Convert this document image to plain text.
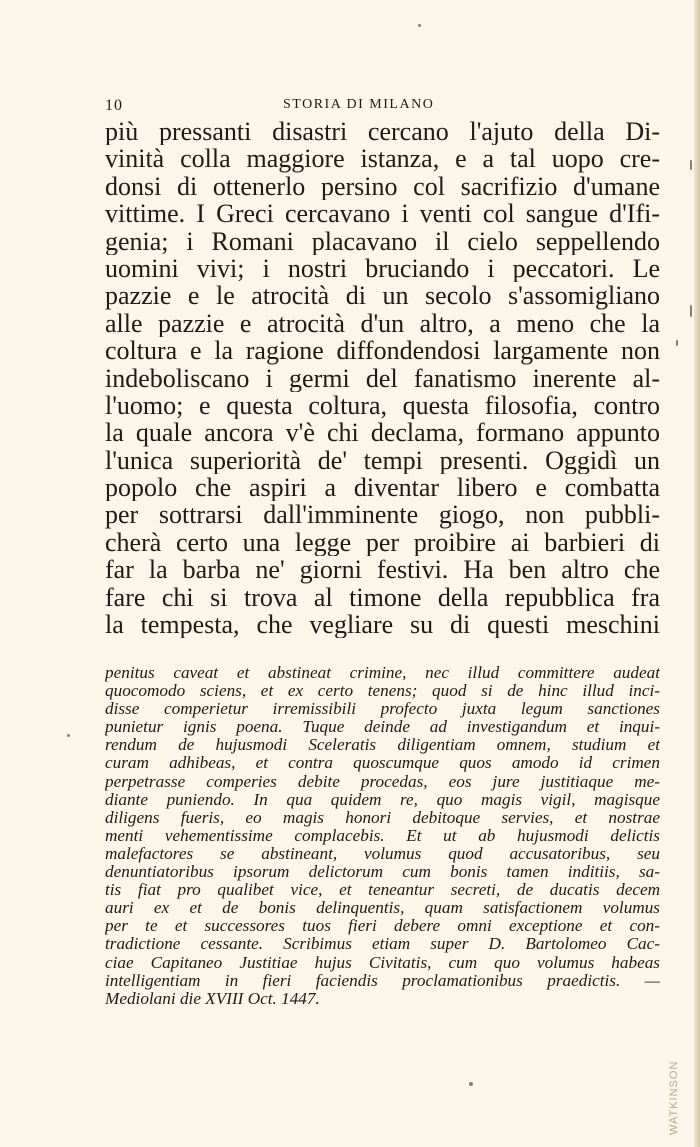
10	STORIA DI MILANO
più pressanti disastri cercano l'ajuto della Di-
vinità colla maggiore istanza, e a tal uopo cre-
donsi di ottenerlo persino col sacrifizio d'umane
vittime. I Greci cercavano i venti col sangue d'Ifi-
genia; i Romani placavano il cielo seppellendo
uomini vivi; i nostri bruciando i peccatori. Le
pazzie e le atrocità di un secolo s'assomigliano
alle pazzie e atrocità d'un altro, a meno che la
coltura e la ragione diffondendosi largamente non
indeboliscano i germi del fanatismo inerente al-
l'uomo; e questa coltura, questa filosofia, contro
la quale ancora v'è chi declama, formano appunto
l'unica superiorità de' tempi presenti. Oggidì un
popolo che aspiri a diventar libero e combatta
per sottrarsi dall'imminente giogo, non pubbli-
cherà certo una legge per proibire ai barbieri di
far la barba ne' giorni festivi. Ha ben altro che
fare chi si trova al timone della repubblica fra
la tempesta, che vegliare su di questi meschini
penitus caveat et abstineat crimine, nec illud committere audeat
quocomodo sciens, et ex certo tenens; quod si de hinc illud inci-
disse comperietur irremissibili profecto juxta legum sanctiones
punietur ignis poena. Tuque deinde ad investigandum et inqui-
rendum de hujusmodi Sceleratis diligentiam omnem, studium et
curam adhibeas, et contra quoscumque quos amodo id crimen
perpetrasse comperies debite procedas, eos jure justitiaque me-
diante puniendo. In qua quidem re, quo magis vigil, magisque
diligens fueris, eo magis honori debitoque servies, et nostrae
menti vehementissime complacebis. Et ut ab hujusmodi delictis
malefactores se abstineant, volumus quod accusatoribus, seu
denuntiatoribus ipsorum delictorum cum bonis tamen inditiis, sa-
tis fiat pro qualibet vice, et teneantur secreti, de ducatis decem
auri ex et de bonis delinquentis, quam satisfactionem volumus
per te et successores tuos fieri debere omni exceptione et con-
tradictione cessante. Scribimus etiam super D. Bartolomeo Cac-
ciae Capitaneo Justitiae hujus Civitatis, cum quo volumus habeas
intelligentiam in fieri faciendis proclamationibus praedictis. —
Mediolani die XVIII Oct. 1447.
WATKINSON
